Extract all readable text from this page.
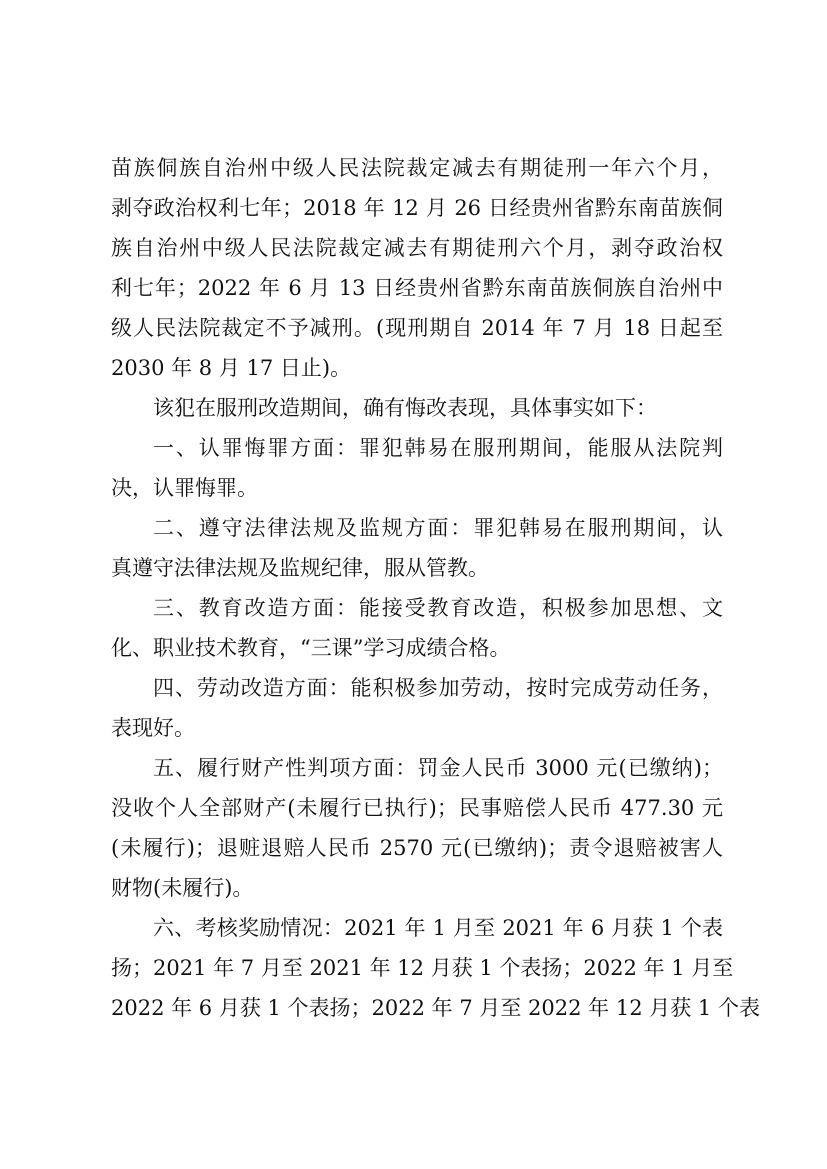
苗族侗族自治州中级人民法院裁定减去有期徒刑一年六个月，
剥夺政治权利七年；2018 年 12 月 26 日经贵州省黔东南苗族侗
族自治州中级人民法院裁定减去有期徒刑六个月，剥夺政治权
利七年；2022 年 6 月 13 日经贵州省黔东南苗族侗族自治州中
级人民法院裁定不予减刑。(现刑期自 2014 年 7 月 18 日起至
2030 年 8 月 17 日止)。
该犯在服刑改造期间，确有悔改表现，具体事实如下：
一、认罪悔罪方面：罪犯韩易在服刑期间，能服从法院判
决，认罪悔罪。
二、遵守法律法规及监规方面：罪犯韩易在服刑期间，认
真遵守法律法规及监规纪律，服从管教。
三、教育改造方面：能接受教育改造，积极参加思想、文
化、职业技术教育，“三课”学习成绩合格。
四、劳动改造方面：能积极参加劳动，按时完成劳动任务，
表现好。
五、履行财产性判项方面：罚金人民币 3000 元(已缴纳)；
没收个人全部财产(未履行已执行)；民事赔偿人民币 477.30 元
(未履行)；退赃退赔人民币 2570 元(已缴纳)；责令退赔被害人
财物(未履行)。
六、考核奖励情况：2021 年 1 月至 2021 年 6 月获 1 个表
扬；2021 年 7 月至 2021 年 12 月获 1 个表扬；2022 年 1 月至
2022 年 6 月获 1 个表扬；2022 年 7 月至 2022 年 12 月获 1 个表
